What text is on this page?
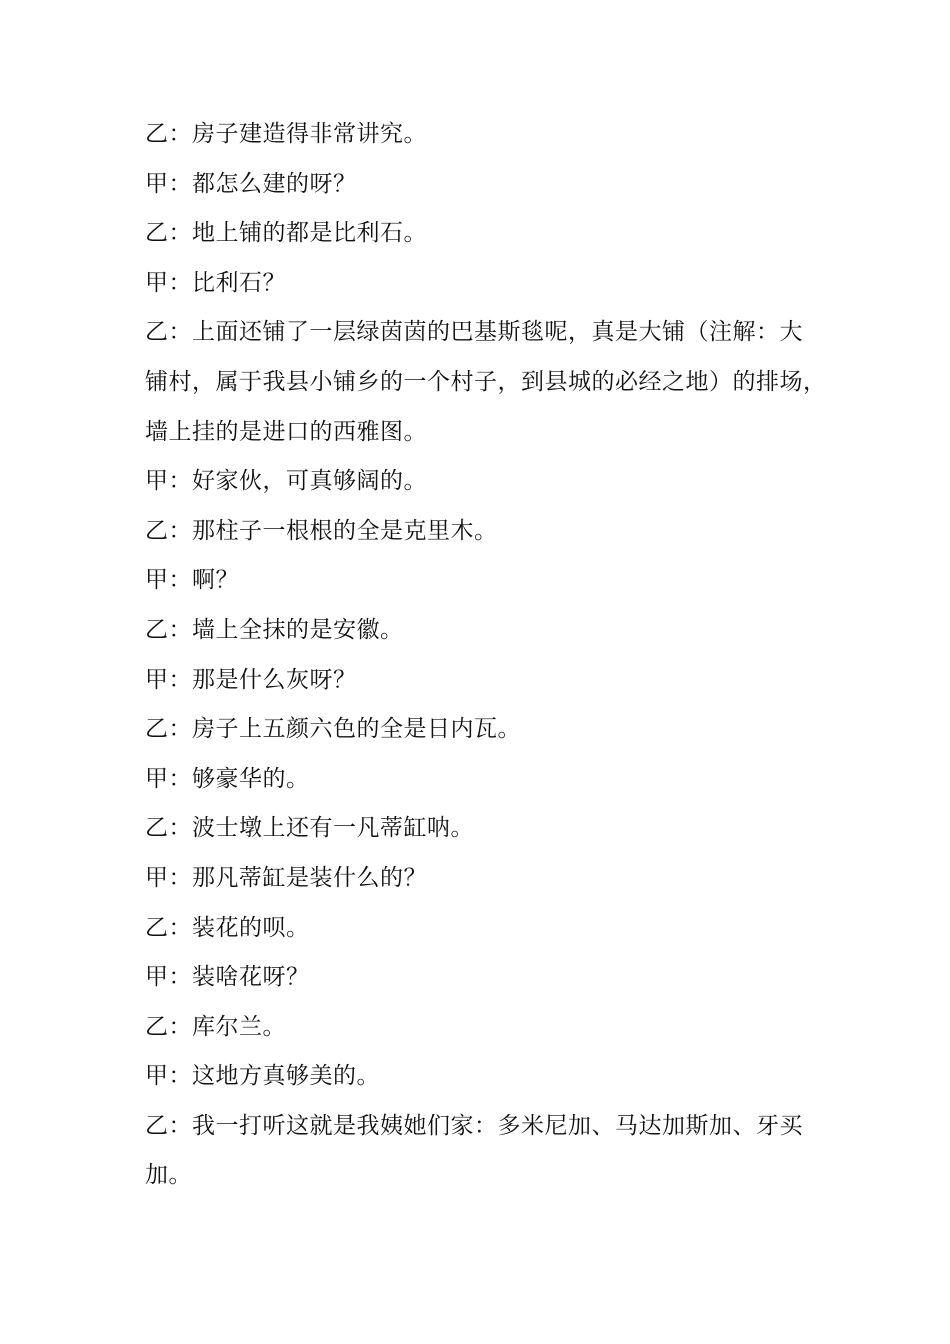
乙：房子建造得非常讲究。
甲：都怎么建的呀？
乙：地上铺的都是比利石。
甲：比利石？
乙：上面还铺了一层绿茵茵的巴基斯毯呢，真是大铺（注解：大
铺村，属于我县小铺乡的一个村子，到县城的必经之地）的排场，
墙上挂的是进口的西雅图。
甲：好家伙，可真够阔的。
乙：那柱子一根根的全是克里木。
甲：啊？
乙：墙上全抹的是安徽。
甲：那是什么灰呀？
乙：房子上五颜六色的全是日内瓦。
甲：够豪华的。
乙：波士墩上还有一凡蒂缸呐。
甲：那凡蒂缸是装什么的？
乙：装花的呗。
甲：装啥花呀？
乙：库尔兰。
甲：这地方真够美的。
乙：我一打听这就是我姨她们家：多米尼加、马达加斯加、牙买
加。
